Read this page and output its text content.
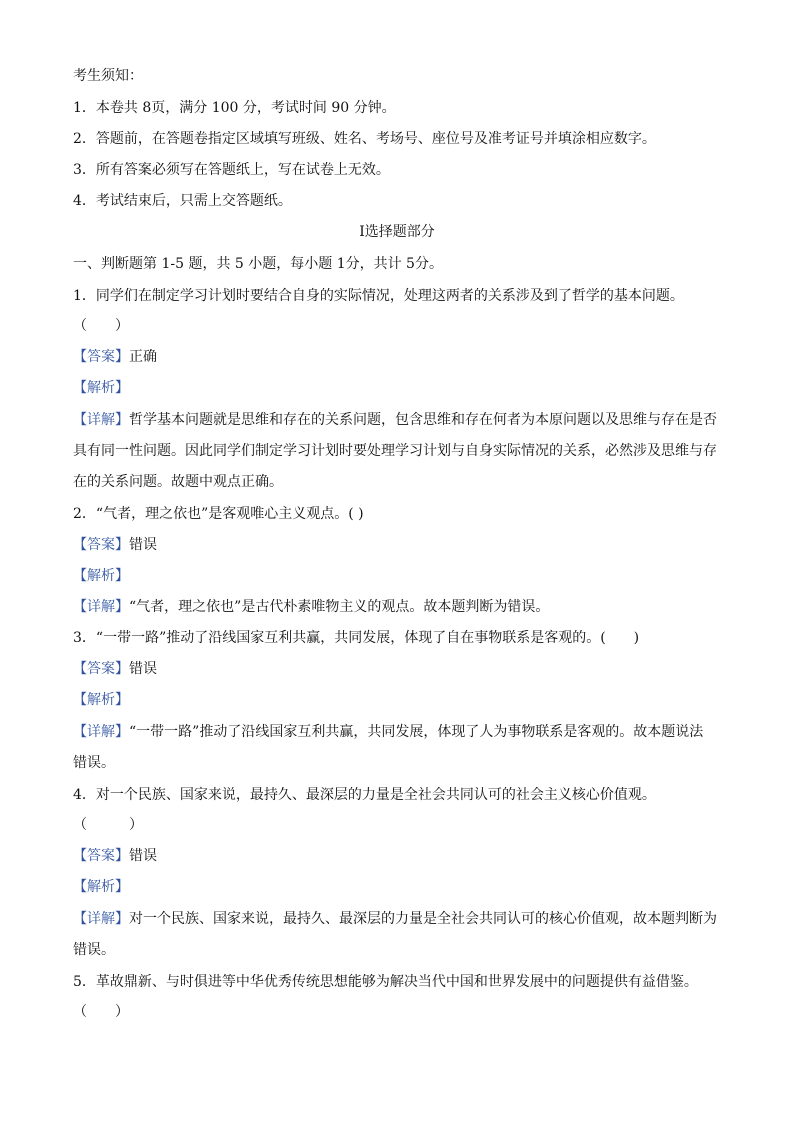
考生须知：
1．本卷共 8页，满分 100 分，考试时间 90 分钟。
2．答题前，在答题卷指定区域填写班级、姓名、考场号、座位号及准考证号并填涂相应数字。
3．所有答案必须写在答题纸上，写在试卷上无效。
4．考试结束后，只需上交答题纸。
Ⅰ选择题部分
一、判断题第 1-5 题，共 5 小题，每小题 1分，共计 5分。
1．同学们在制定学习计划时要结合自身的实际情况，处理这两者的关系涉及到了哲学的基本问题。
（　　）
【答案】正确
【解析】
【详解】哲学基本问题就是思维和存在的关系问题，包含思维和存在何者为本原问题以及思维与存在是否
具有同一性问题。因此同学们制定学习计划时要处理学习计划与自身实际情况的关系，必然涉及思维与存
在的关系问题。故题中观点正确。
2．“气者，理之依也”是客观唯心主义观点。( )
【答案】错误
【解析】
【详解】“气者，理之依也”是古代朴素唯物主义的观点。故本题判断为错误。
3．“一带一路”推动了沿线国家互利共赢，共同发展，体现了自在事物联系是客观的。(　　)
【答案】错误
【解析】
【详解】“一带一路”推动了沿线国家互利共赢，共同发展，体现了人为事物联系是客观的。故本题说法
错误。
4．对一个民族、国家来说，最持久、最深层的力量是全社会共同认可的社会主义核心价值观。
（　　　）
【答案】错误
【解析】
【详解】对一个民族、国家来说，最持久、最深层的力量是全社会共同认可的核心价值观，故本题判断为
错误。
5．革故鼎新、与时俱进等中华优秀传统思想能够为解决当代中国和世界发展中的问题提供有益借鉴。
（　　）
